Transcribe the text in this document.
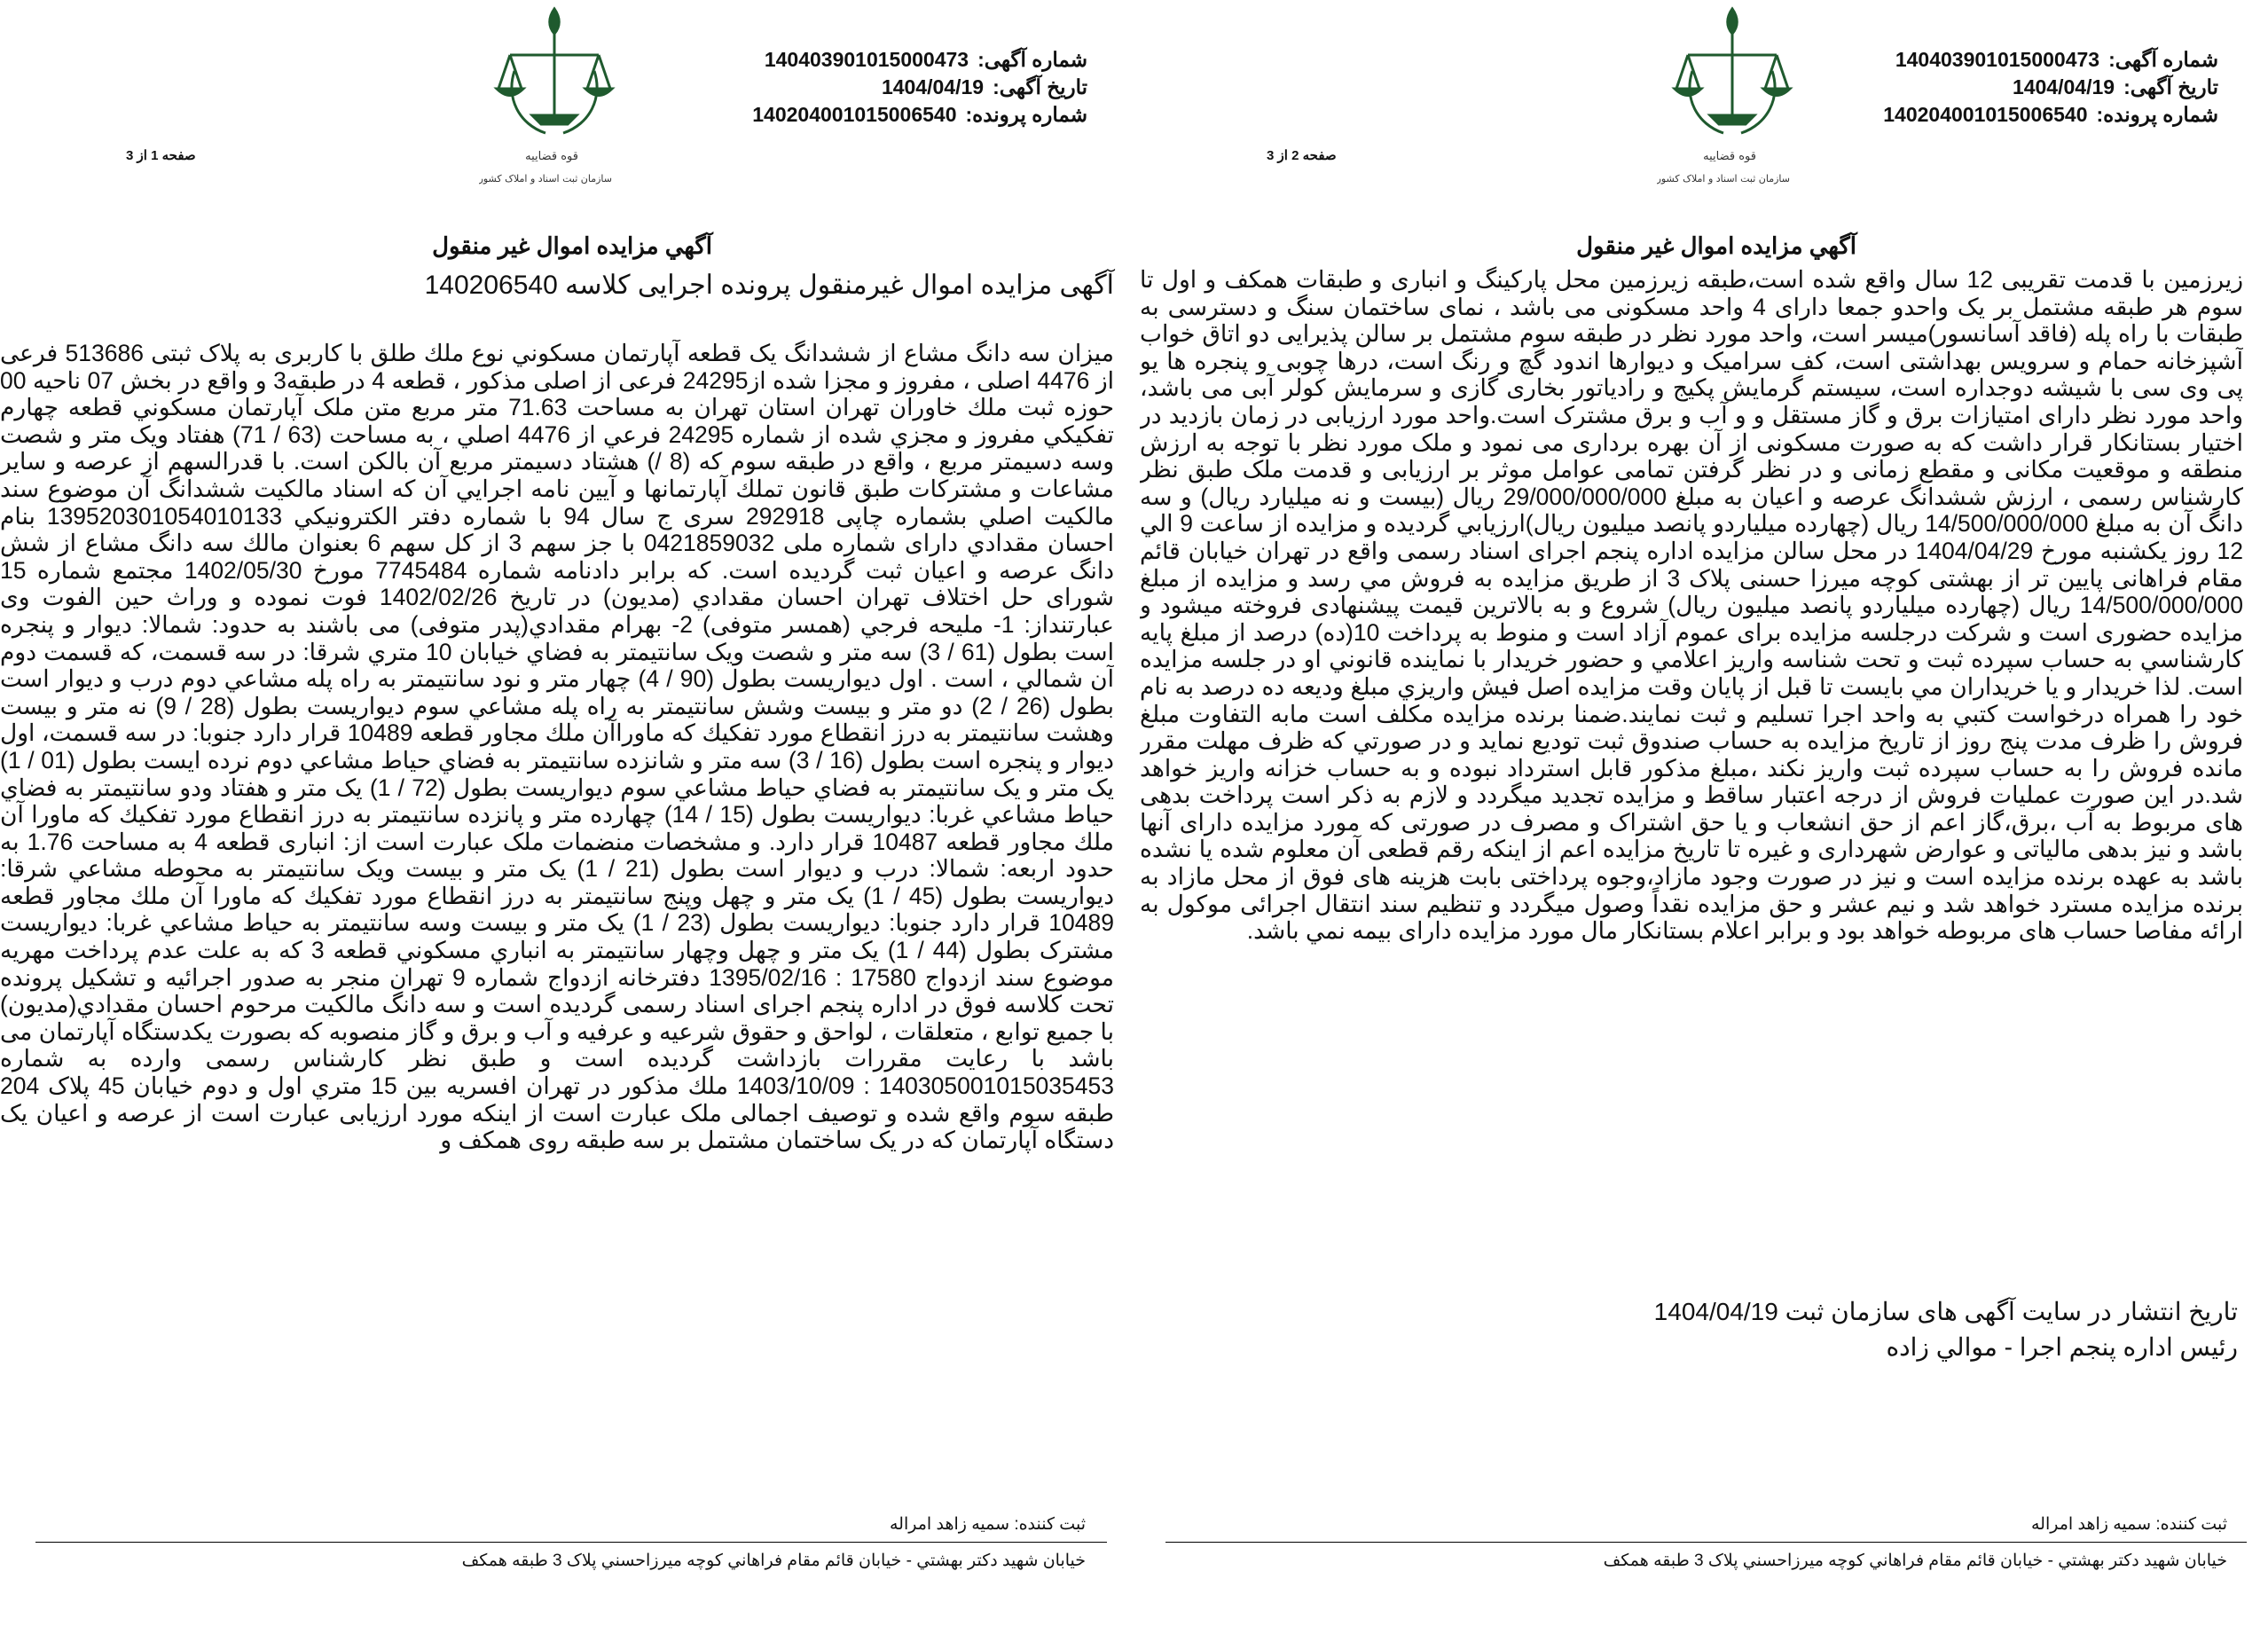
قوه قضاییه
سازمان ثبت اسناد و املاک کشور
شماره آگهی:
140403901015000473
تاریخ آگهی:
1404/04/19
شماره پرونده:
140204001015006540
صفحه 1 از 3
آگهي مزايده اموال غير منقول
آگهی مزایده اموال غیرمنقول پرونده اجرایی کلاسه 140206540
میزان سه دانگ مشاع از ششدانگ یک قطعه آپارتمان مسكوني نوع ملك طلق با كاربری به پلاک ثبتی 513686 فرعی از 4476 اصلی ، مفروز و مجزا شده از24295 فرعی از اصلی مذکور ، قطعه 4 در طبقه3 و واقع در بخش 07 ناحیه 00 حوزه ثبت ملك خاوران تهران استان تهران به مساحت 71.63 متر مربع متن ملک آپارتمان مسكوني قطعه چهارم تفكيكي مفروز و مجزي شده از شماره 24295 فرعي از 4476 اصلي ، به مساحت (63 / 71) هفتاد ویک متر و شصت وسه دسیمتر مربع ، واقع در طبقه سوم كه (8 /) هشتاد دسیمتر مربع آن بالکن است. با قدرالسهم از عرصه و ساير مشاعات و مشتركات طبق قانون تملك آپارتمانها و آيين نامه اجرايي آن که اسناد مالکیت ششدانگ آن موضوع سند مالكيت اصلي بشماره چاپی 292918 سری ج سال 94 با شماره دفتر الكترونيكي 139520301054010133 بنام احسان مقدادي دارای شماره ملی 0421859032 با جز سهم 3 از کل سهم 6 بعنوان مالك سه دانگ مشاع از شش دانگ عرصه و اعیان ثبت گردیده است. كه برابر دادنامه شماره 7745484 مورخ 1402/05/30 مجتمع شماره 15 شورای حل اختلاف تهران احسان مقدادي (مدیون) در تاریخ 1402/02/26 فوت نموده و وراث حین الفوت وی عبارتنداز: 1- ملیحه فرجي (همسر متوفی) 2- بهرام مقدادي(پدر متوفی) می باشند به حدود: شمالا: ديوار و پنجره است بطول (61 / 3) سه متر و شصت ويک سانتيمتر به فضاي خيابان 10 متري شرقا: در سه قسمت، كه قسمت دوم آن شمالي ، است . اول ديواريست بطول (90 / 4) چهار متر و نود سانتيمتر به راه پله مشاعي دوم درب و ديوار است بطول (26 / 2) دو متر و بيست وشش سانتيمتر به راه پله مشاعي سوم ديواريست بطول (28 / 9) نه متر و بيست وهشت سانتيمتر به درز انقطاع مورد تفكيك كه ماوراآن ملك مجاور قطعه 10489 قرار دارد جنوبا: در سه قسمت، اول ديوار و پنجره است بطول (16 / 3) سه متر و شانزده سانتيمتر به فضاي حياط مشاعي دوم نرده ايست بطول (01 / 1) يک متر و يک سانتيمتر به فضاي حياط مشاعي سوم ديواريست بطول (72 / 1) يک متر و هفتاد ودو سانتيمتر به فضاي حياط مشاعي غربا: ديواريست بطول (15 / 14) چهارده متر و پانزده سانتيمتر به درز انقطاع مورد تفكيك كه ماورا آن ملك مجاور قطعه 10487 قرار دارد. و مشخصات منضمات ملک عبارت است از: انباری قطعه 4 به مساحت 1.76 به حدود اربعه: شمالا: درب و ديوار است بطول (21 / 1) يک متر و بيست ويک سانتيمتر به محوطه مشاعي شرقا: ديواريست بطول (45 / 1) يک متر و چهل وپنج سانتيمتر به درز انقطاع مورد تفكيك كه ماورا آن ملك مجاور قطعه 10489 قرار دارد جنوبا: ديواريست بطول (23 / 1) يک متر و بيست وسه سانتيمتر به حياط مشاعي غربا: ديواريست مشترک بطول (44 / 1) يک متر و چهل وچهار سانتيمتر به انباري مسكوني قطعه 3 كه به علت عدم پرداخت مهریه موضوع سند ازدواج 17580 : 1395/02/16 دفترخانه ازدواج شماره 9 تهران منجر به صدور اجرائیه و تشکیل پرونده تحت كلاسه فوق در اداره پنجم اجرای اسناد رسمی گردیده است و سه دانگ مالکیت مرحوم احسان مقدادي(مدیون) با جميع توابع ، متعلقات ، لواحق و حقوق شرعیه و عرفیه و آب و برق و گاز منصوبه كه بصورت يكدستگاه آپارتمان می باشد با رعایت مقررات بازداشت گردیده است و طبق نظر کارشناس رسمی وارده به شماره 140305001015035453 : 1403/10/09 ملك مذکور در تهران افسریه بین 15 متري اول و دوم خيابان 45 پلاک 204 طبقه سوم واقع شده و توصیف اجمالی ملک عبارت است از اینکه مورد ارزیابی عبارت است از عرصه و اعیان یک دستگاه آپارتمان که در یک ساختمان مشتمل بر سه طبقه روی همکف و
ثبت کننده: سمیه زاهد امراله
خيابان شهيد دكتر بهشتي - خيابان قائم مقام فراهاني كوچه ميرزاحسني پلاک 3 طبقه همكف
قوه قضاییه
سازمان ثبت اسناد و املاک کشور
شماره آگهی:
140403901015000473
تاریخ آگهی:
1404/04/19
شماره پرونده:
140204001015006540
صفحه 2 از 3
آگهي مزايده اموال غير منقول
زیرزمین با قدمت تقریبی 12 سال واقع شده است،طبقه زیرزمین محل پارکینگ و انباری و طبقات همکف و اول تا سوم هر طبقه مشتمل بر یک واحدو جمعا دارای 4 واحد مسکونی می باشد ، نمای ساختمان سنگ و دسترسی به طبقات با راه پله (فاقد آسانسور)میسر است، واحد مورد نظر در طبقه سوم مشتمل بر سالن پذیرایی دو اتاق خواب آشپزخانه حمام و سرویس بهداشتی است، کف سرامیک و دیوارها اندود گچ و رنگ است، درها چوبی و پنجره ها یو پی وی سی با شیشه دوجداره است، سیستم گرمایش پکیج و رادیاتور بخاری گازی و سرمایش کولر آبی می باشد، واحد مورد نظر دارای امتیازات برق و گاز مستقل و و آب و برق مشترک است.واحد مورد ارزیابی در زمان بازدید در اختیار بستانکار قرار داشت که به صورت مسکونی از آن بهره برداری می نمود و ملک مورد نظر با توجه به ارزش منطقه و موقعیت مکانی و مقطع زمانی و در نظر گرفتن تمامی عوامل موثر بر ارزیابی و قدمت ملک طبق نظر کارشناس رسمی ، ارزش ششدانگ عرصه و اعیان به مبلغ 29/000/000/000 ریال (بیست و نه میلیارد ریال) و سه دانگ آن به مبلغ 14/500/000/000 ریال (چهارده میلیاردو پانصد میلیون ریال)ارزيابي گرديده و مزايده از ساعت 9 الي 12 روز یکشنبه مورخ 1404/04/29 در محل سالن مزایده اداره پنجم اجرای اسناد رسمی واقع در تهران خیابان قائم مقام فراهانی پایین تر از بهشتی کوچه میرزا حسنی پلاک 3 از طريق مزايده به فروش مي رسد و مزایده از مبلغ 14/500/000/000 ریال (چهارده میلیاردو پانصد میلیون ریال) شروع و به بالاترين قيمت پيشنهادی فروخته ميشود و مزایده حضوری است و شرکت درجلسه مزایده برای عموم آزاد است و منوط به پرداخت 10(ده) درصد از مبلغ پایه كارشناسي به حساب سپرده ثبت و تحت شناسه واريز اعلامي و حضور خريدار با نماينده قانوني او در جلسه مزايده است. لذا خريدار و يا خريداران مي بايست تا قبل از پايان وقت مزايده اصل فيش واريزي مبلغ وديعه ده درصد به نام خود را همراه درخواست كتبي به واحد اجرا تسليم و ثبت نمايند.ضمنا برنده مزایده مکلف است مابه التفاوت مبلغ فروش را ظرف مدت پنج روز از تاريخ مزايده به حساب صندوق ثبت توديع نمايد و در صورتي كه ظرف مهلت مقرر مانده فروش را به حساب سپرده ثبت واريز نكند ،مبلغ مذكور قابل استرداد نبوده و به حساب خزانه واريز خواهد شد.در اين صورت عمليات فروش از درجه اعتبار ساقط و مزايده تجديد ميگردد و لازم به ذكر است پرداخت بدهی های مربوط به آب ،برق،گاز اعم از حق انشعاب و یا حق اشتراک و مصرف در صورتی که مورد مزایده دارای آنها باشد و نیز بدهی مالیاتی و عوارض شهرداری و غیره تا تاریخ مزایده اعم از اینکه رقم قطعی آن معلوم شده یا نشده باشد به عهده برنده مزایده است و نیز در صورت وجود مازاد،وجوه پرداختی بابت هزینه های فوق از محل مازاد به برنده مزایده مسترد خواهد شد و نیم عشر و حق مزایده نقداً وصول میگردد و تنظیم سند انتقال اجرائی موکول به ارائه مفاصا حساب های مربوطه خواهد بود و برابر اعلام بستانکار مال مورد مزايده دارای بيمه نمي باشد.
تاریخ انتشار در سایت آگهی های سازمان ثبت 1404/04/19
رئیس اداره پنجم اجرا - موالي زاده
ثبت کننده: سمیه زاهد امراله
خيابان شهيد دكتر بهشتي - خيابان قائم مقام فراهاني كوچه ميرزاحسني پلاک 3 طبقه همكف
